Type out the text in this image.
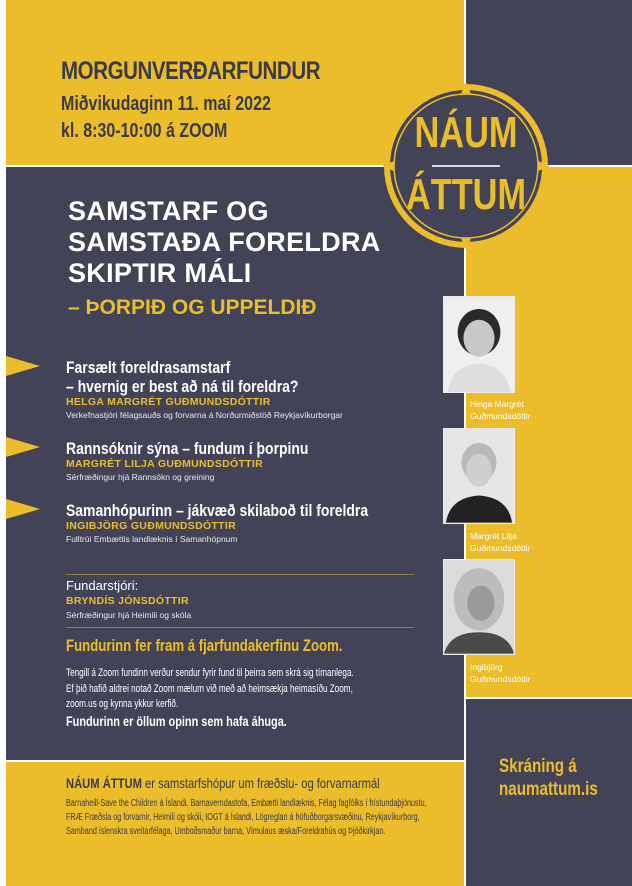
MORGUNVERÐARFUNDUR
Miðvikudaginn 11. maí 2022
kl. 8:30-10:00 á ZOOM	NÁUM
ÁTTUM
SAMSTARF OG
SAMSTAÐA FORELDRA
SKIPTIR MÁLI
– ÞORPIÐ OG UPPELDIÐ
Farsælt foreldrasamstarf
– hvernig er best að ná til foreldra?
HELGA MARGRÉT GUÐMUNDSDÓTTIR
Verkefnastjóri félagsauðs og forvarna á Norðurmiðstöð Reykjavíkurborgar
Rannsóknir sýna – fundum í þorpinu
MARGRÉT LILJA GUÐMUNDSDÓTTIR
Sérfræðingur hjá Rannsókn og greining
Samanhópurinn – jákvæð skilaboð til foreldra
INGIBJÖRG GUÐMUNDSDÓTTIR
Fulltrúi Embættis landlæknis í Samanhópnum
Fundarstjóri:
BRYNDÍS JÓNSDÓTTIR
Sérfræðingur hjá Heimili og skóla
Fundurinn fer fram á fjarfundakerfinu Zoom.
Tengill á Zoom fundinn verður sendur fyrir fund til þeirra sem skrá sig tímanlega.
Ef þið hafið aldrei notað Zoom mælum við með að heimsækja heimasíðu Zoom,
zoom.us og kynna ykkur kerfið.
Fundurinn er öllum opinn sem hafa áhuga.
Helga Margrét
Guðmundsdóttir
Margrét Lilja
Guðmundsdóttir
Ingibjörg
Guðmundsdóttir
Skráning á
naumattum.is
NÁUM ÁTTUM er samstarfshópur um fræðslu- og forvarnarmál
Barnaheill-Save the Children á Íslandi, Barnaverndastofa, Embætti landlæknis, Félag fagfólks í frístundaþjónustu,
FRÆ Fræðsla og forvarnir, Heimili og skóli, IOGT á Íslandi, Lögreglan á höfuðborgarsvæðinu, Reykjavíkurborg,
Samband íslenskra sveitarfélaga, Umboðsmaður barna, Vímulaus æska/Foreldrahús og Þjóðkirkjan.
